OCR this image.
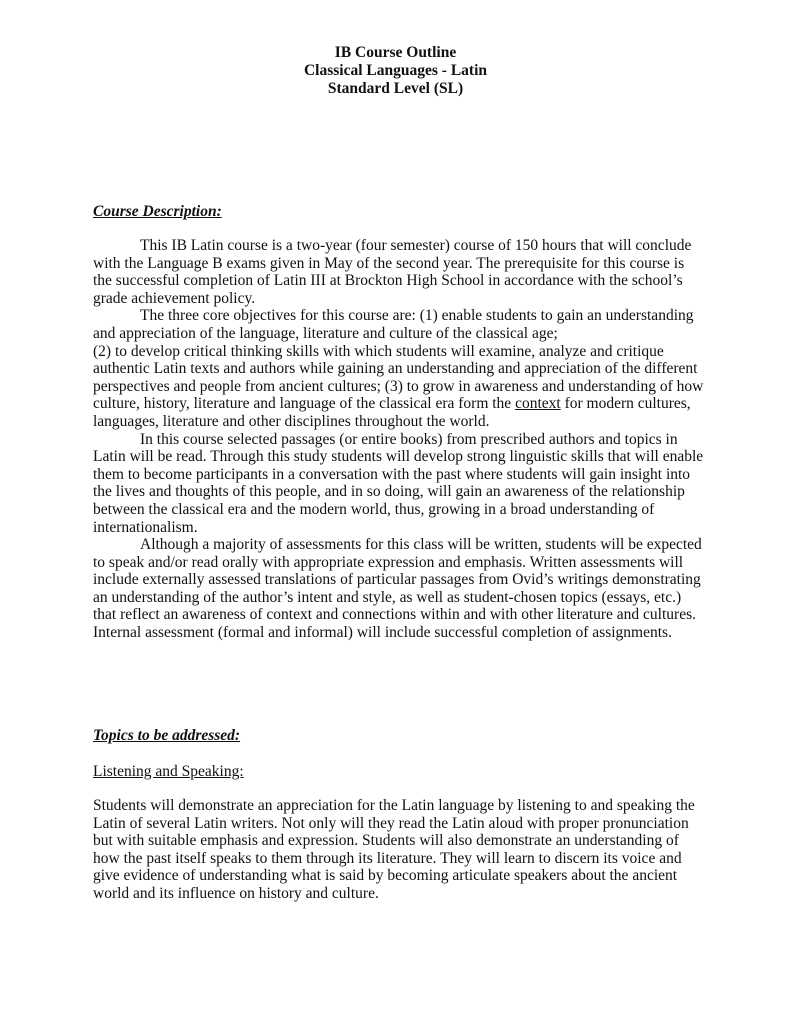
IB Course Outline
Classical Languages - Latin
Standard Level (SL)
Course Description:

This IB Latin course is a two-year (four semester) course of 150 hours that will conclude with the Language B exams given in May of the second year. The prerequisite for this course is the successful completion of Latin III at Brockton High School in accordance with the school’s grade achievement policy.

The three core objectives for this course are: (1) enable students to gain an understanding and appreciation of the language, literature and culture of the classical age;

(2) to develop critical thinking skills with which students will examine, analyze and critique authentic Latin texts and authors while gaining an understanding and appreciation of the different perspectives and people from ancient cultures; (3) to grow in awareness and understanding of how culture, history, literature and language of the classical era form the context for modern cultures, languages, literature and other disciplines throughout the world.

In this course selected passages (or entire books) from prescribed authors and topics in Latin will be read. Through this study students will develop strong linguistic skills that will enable them to become participants in a conversation with the past where students will gain insight into the lives and thoughts of this people, and in so doing, will gain an awareness of the relationship between the classical era and the modern world, thus, growing in a broad understanding of internationalism.

Although a majority of assessments for this class will be written, students will be expected to speak and/or read orally with appropriate expression and emphasis. Written assessments will include externally assessed translations of particular passages from Ovid’s writings demonstrating an understanding of the author’s intent and style, as well as student-chosen topics (essays, etc.) that reflect an awareness of context and connections within and with other literature and cultures. Internal assessment (formal and informal) will include successful completion of assignments.

Topics to be addressed:
Listening and Speaking:

Students will demonstrate an appreciation for the Latin language by listening to and speaking the Latin of several Latin writers. Not only will they read the Latin aloud with proper pronunciation but with suitable emphasis and expression. Students will also demonstrate an understanding of how the past itself speaks to them through its literature. They will learn to discern its voice and give evidence of understanding what is said by becoming articulate speakers about the ancient world and its influence on history and culture.
